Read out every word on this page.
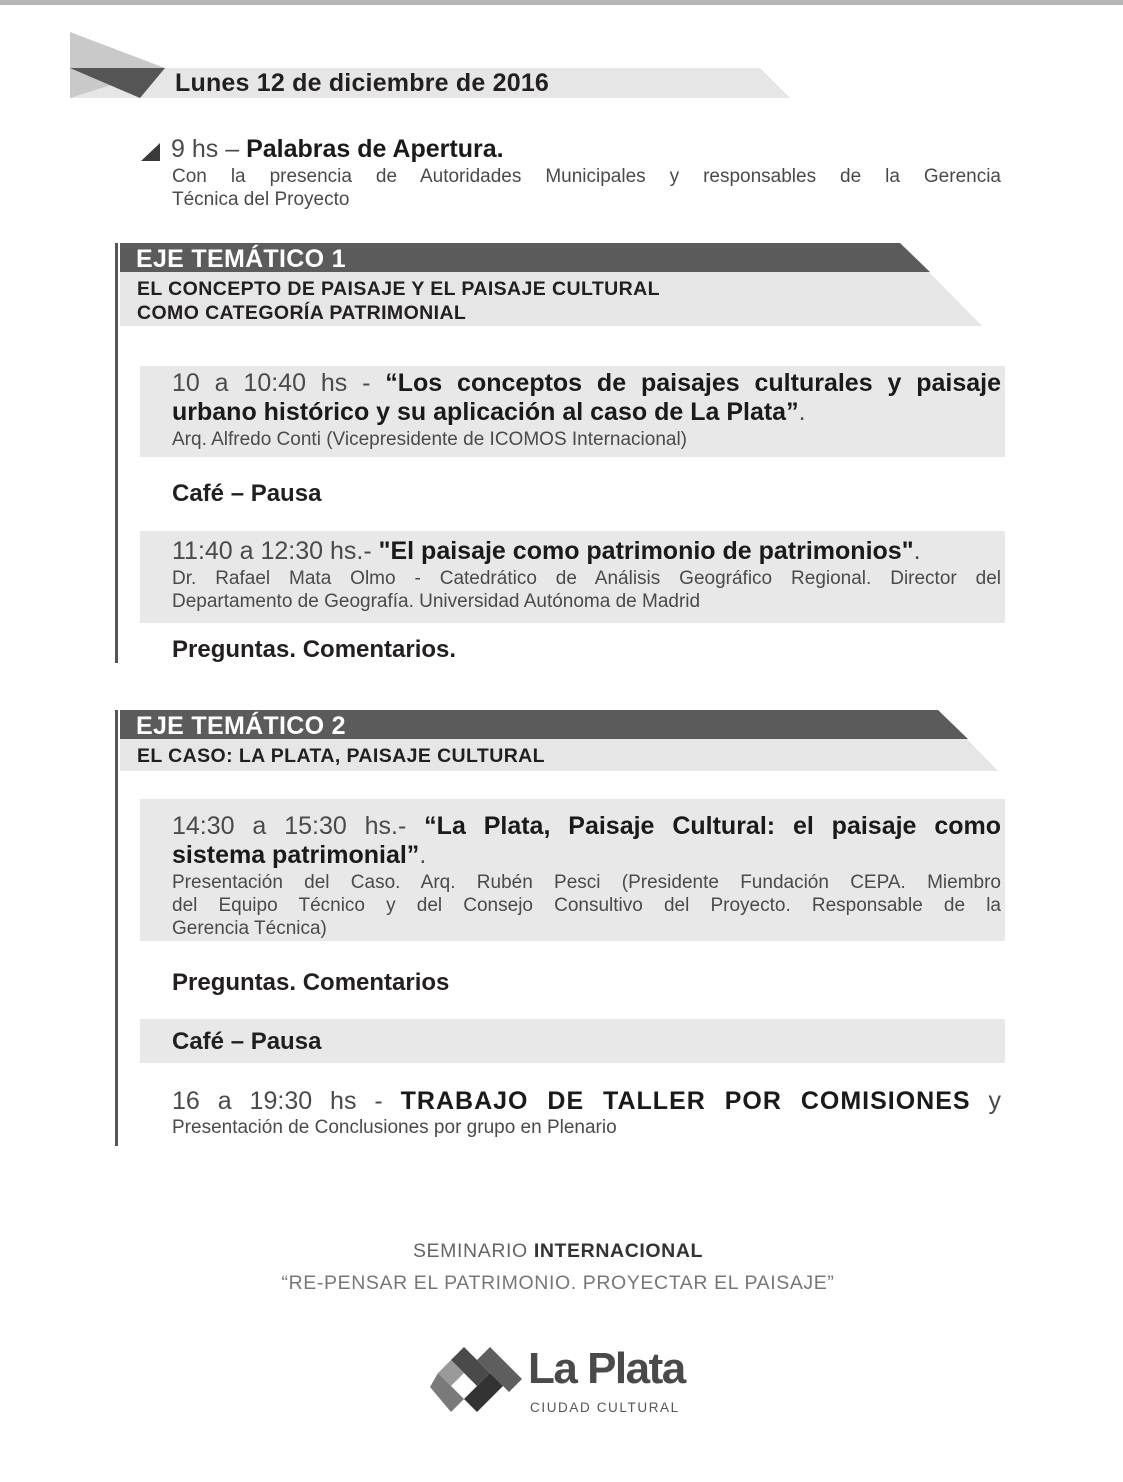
Lunes 12 de diciembre de 2016
9 hs – Palabras de Apertura.
Con la presencia de Autoridades Municipales y responsables de la Gerencia
Técnica del Proyecto
EJE TEMÁTICO 1
EL CONCEPTO DE PAISAJE Y EL PAISAJE CULTURAL
COMO CATEGORÍA PATRIMONIAL
10 a 10:40 hs - “Los conceptos de paisajes culturales y paisaje
urbano histórico y su aplicación al caso de La Plata”.
Arq. Alfredo Conti (Vicepresidente de ICOMOS Internacional)
Café – Pausa
11:40 a 12:30 hs.- "El paisaje como patrimonio de patrimonios".
Dr. Rafael Mata Olmo - Catedrático de Análisis Geográfico Regional. Director del
Departamento de Geografía. Universidad Autónoma de Madrid
Preguntas. Comentarios.
EJE TEMÁTICO 2
EL CASO: LA PLATA, PAISAJE CULTURAL
14:30 a 15:30 hs.- “La Plata, Paisaje Cultural: el paisaje como
sistema patrimonial”.
Presentación del Caso. Arq. Rubén Pesci (Presidente Fundación CEPA. Miembro
del Equipo Técnico y del Consejo Consultivo del Proyecto. Responsable de la
Gerencia Técnica)
Preguntas. Comentarios
Café – Pausa
16 a 19:30 hs - TRABAJO DE TALLER POR COMISIONES y
Presentación de Conclusiones por grupo en Plenario
SEMINARIO INTERNACIONAL
“RE-PENSAR EL PATRIMONIO. PROYECTAR EL PAISAJE”
La Plata
CIUDAD CULTURAL
